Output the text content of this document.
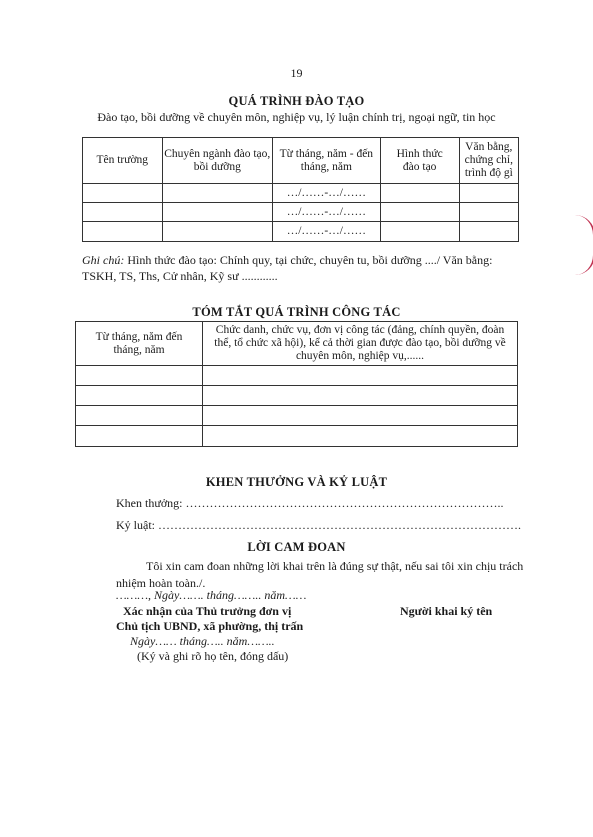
19
QUÁ TRÌNH ĐÀO TẠO
Đào tạo, bồi dưỡng về chuyên môn, nghiệp vụ, lý luận chính trị, ngoại ngữ, tin học
Tên trường	Chuyên ngành đào tạo, bồi dưỡng	Từ tháng, năm - đến tháng, năm	Hình thức đào tạo	Văn bằng, chứng chỉ, trình độ gì
		…/……-…/……		
		…/……-…/……		
		…/……-…/……		
Ghi chú: Hình thức đào tạo: Chính quy, tại chức, chuyên tu, bồi dưỡng ..../ Văn bằng: TSKH, TS, Ths, Cử nhân, Kỹ sư ............
TÓM TẮT QUÁ TRÌNH CÔNG TÁC
Từ tháng, năm đến tháng, năm	Chức danh, chức vụ, đơn vị công tác (đảng, chính quyền, đoàn thể, tổ chức xã hội), kể cả thời gian được đào tạo, bồi dưỡng về chuyên môn, nghiệp vụ,......

KHEN THƯỞNG VÀ KỶ LUẬT
Khen thưởng: ……………………………………………………………………..
Kỷ luật: ……………………………………………………………………………….
LỜI CAM ĐOAN
Tôi xin cam đoan những lời khai trên là đúng sự thật, nếu sai tôi xin chịu trách nhiệm hoàn toàn./.
………, Ngày……. tháng…….. năm……
Xác nhận của Thủ trưởng đơn vị
Chủ tịch UBND, xã phường, thị trấn
Ngày…… tháng….. năm……..
(Ký và ghi rõ họ tên, đóng dấu)
Người khai ký tên
